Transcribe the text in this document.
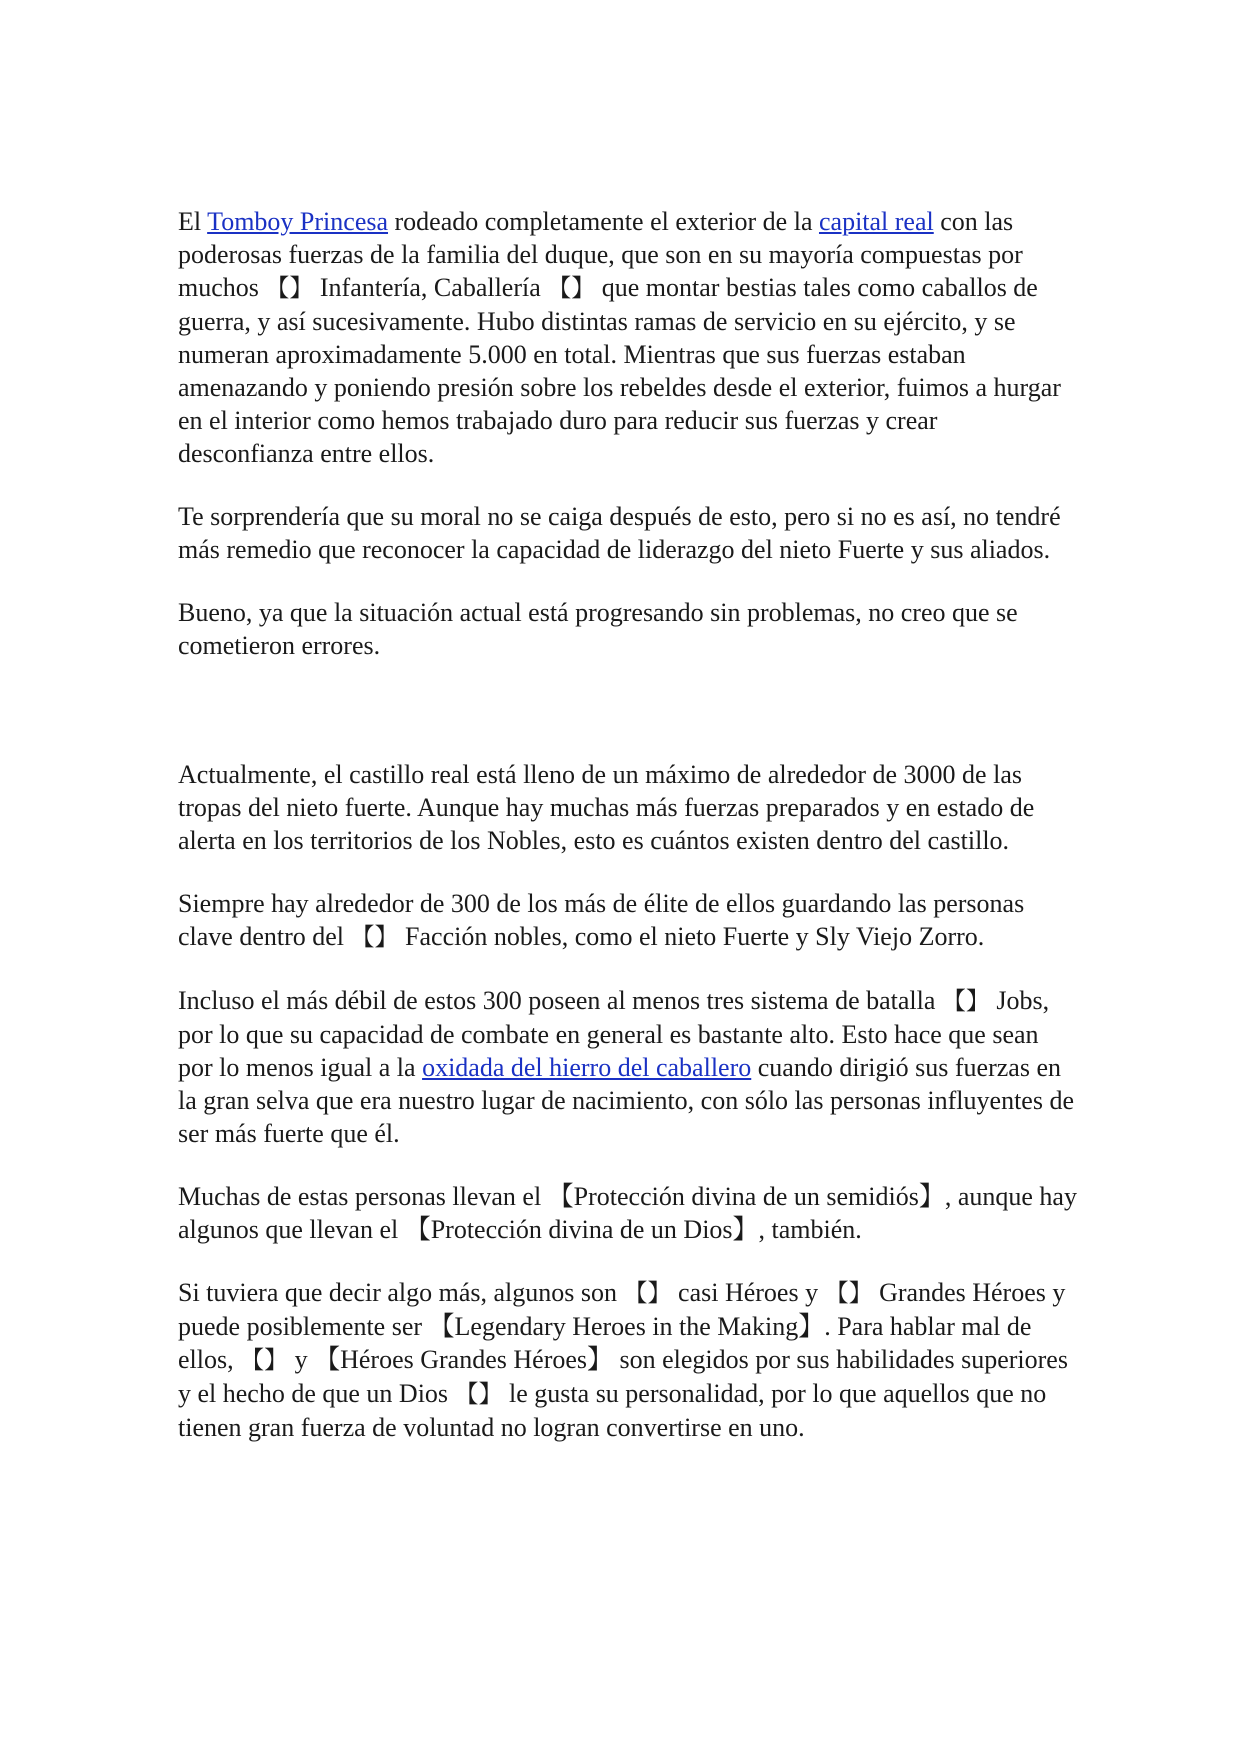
El Tomboy Princesa rodeado completamente el exterior de la capital real con las poderosas fuerzas de la familia del duque, que son en su mayoría compuestas por muchos 【】 Infantería, Caballería 【】 que montar bestias tales como caballos de guerra, y así sucesivamente. Hubo distintas ramas de servicio en su ejército, y se numeran aproximadamente 5.000 en total. Mientras que sus fuerzas estaban amenazando y poniendo presión sobre los rebeldes desde el exterior, fuimos a hurgar en el interior como hemos trabajado duro para reducir sus fuerzas y crear desconfianza entre ellos.

Te sorprendería que su moral no se caiga después de esto, pero si no es así, no tendré más remedio que reconocer la capacidad de liderazgo del nieto Fuerte y sus aliados.

Bueno, ya que la situación actual está progresando sin problemas, no creo que se cometieron errores.

Actualmente, el castillo real está lleno de un máximo de alrededor de 3000 de las tropas del nieto fuerte. Aunque hay muchas más fuerzas preparados y en estado de alerta en los territorios de los Nobles, esto es cuántos existen dentro del castillo.

Siempre hay alrededor de 300 de los más de élite de ellos guardando las personas clave dentro del 【】 Facción nobles, como el nieto Fuerte y Sly Viejo Zorro.

Incluso el más débil de estos 300 poseen al menos tres sistema de batalla 【】 Jobs, por lo que su capacidad de combate en general es bastante alto. Esto hace que sean por lo menos igual a la oxidada del hierro del caballero cuando dirigió sus fuerzas en la gran selva que era nuestro lugar de nacimiento, con sólo las personas influyentes de ser más fuerte que él.

Muchas de estas personas llevan el 【Protección divina de un semidiós】, aunque hay algunos que llevan el 【Protección divina de un Dios】, también.

Si tuviera que decir algo más, algunos son 【】 casi Héroes y 【】 Grandes Héroes y puede posiblemente ser 【Legendary Heroes in the Making】. Para hablar mal de ellos, 【】 y 【Héroes Grandes Héroes】 son elegidos por sus habilidades superiores y el hecho de que un Dios 【】 le gusta su personalidad, por lo que aquellos que no tienen gran fuerza de voluntad no logran convertirse en uno.
